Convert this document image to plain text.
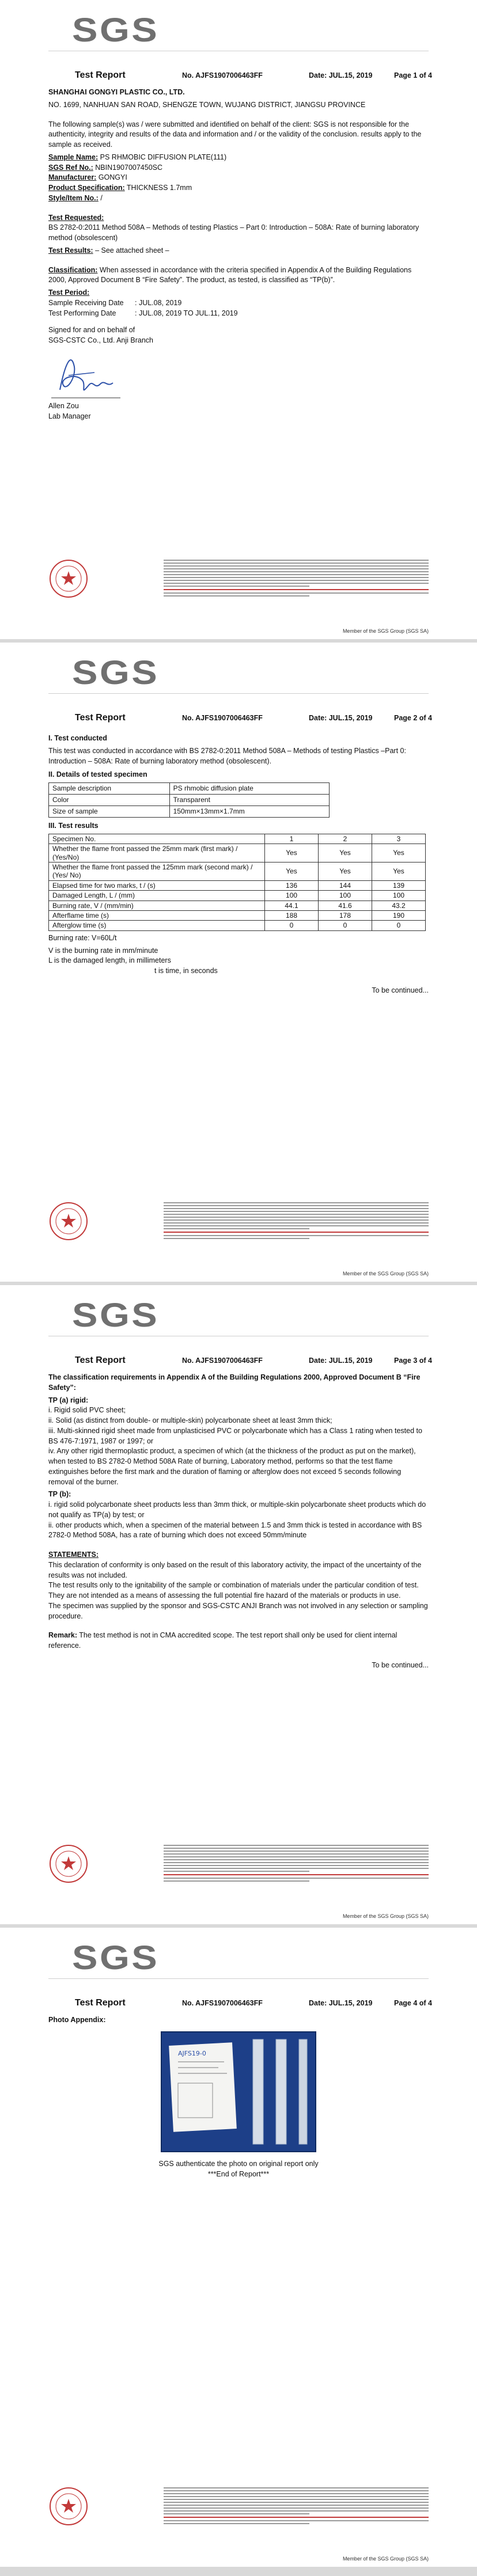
SGS
Test Report	No. AJFS1907006463FF	Date: JUL.15, 2019	Page 1 of 4

SHANGHAI GONGYI PLASTIC CO., LTD.

NO. 1699, NANHUAN SAN ROAD, SHENGZE TOWN, WUJANG DISTRICT, JIANGSU PROVINCE

The following sample(s) was / were submitted and identified on behalf of the client: SGS is not responsible for the authenticity, integrity and results of the data and information and / or the validity of the conclusion. results apply to the sample as received.

Sample Name: PS RHMOBIC DIFFUSION PLATE(111)

SGS Ref No.: NBIN1907007450SC

Manufacturer: GONGYI

Product Specification: THICKNESS 1.7mm

Style/Item No.: /

Test Requested:

BS 2782-0:2011 Method 508A – Methods of testing Plastics – Part 0: Introduction – 508A: Rate of burning laboratory method (obsolescent)

Test Results: – See attached sheet –

Classification: When assessed in accordance with the criteria specified in Appendix A of the Building Regulations 2000, Approved Document B “Fire Safety”. The product, as tested, is classified as “TP(b)”.

Test Period:

Sample Receiving Date	: JUL.08, 2019
Test Performing Date	: JUL.08, 2019 TO JUL.11, 2019

Signed for and on behalf of

SGS-CSTC Co., Ltd. Anji Branch

Allen Zou

Lab Manager

Member of the SGS Group (SGS SA)
SGS
Test Report	No. AJFS1907006463FF	Date: JUL.15, 2019	Page 2 of 4

I. Test conducted

This test was conducted in accordance with BS 2782-0:2011 Method 508A – Methods of testing Plastics –Part 0: Introduction – 508A: Rate of burning laboratory method (obsolescent).

II. Details of tested specimen

Sample description	PS rhmobic diffusion plate
Color	Transparent
Size of sample	150mm×13mm×1.7mm

III. Test results

Specimen No.	1	2	3
Whether the flame front passed the 25mm mark (first mark) / (Yes/No)	Yes	Yes	Yes
Whether the flame front passed the 125mm mark (second mark) / (Yes/ No)	Yes	Yes	Yes
Elapsed time for two marks, t / (s)	136	144	139
Damaged Length, L / (mm)	100	100	100
Burning rate, V / (mm/min)	44.1	41.6	43.2
Afterflame time (s)	188	178	190
Afterglow time (s)	0	0	0

Burning rate: V=60L/t

V is the burning rate in mm/minute

L is the damaged length, in millimeters

t is time, in seconds

To be continued...

Member of the SGS Group (SGS SA)
SGS
Test Report	No. AJFS1907006463FF	Date: JUL.15, 2019	Page 3 of 4

The classification requirements in Appendix A of the Building Regulations 2000, Approved Document B “Fire Safety”:

TP (a) rigid:

i. Rigid solid PVC sheet;

ii. Solid (as distinct from double- or multiple-skin) polycarbonate sheet at least 3mm thick;

iii. Multi-skinned rigid sheet made from unplasticised PVC or polycarbonate which has a Class 1 rating when tested to BS 476-7:1971, 1987 or 1997; or

iv. Any other rigid thermoplastic product, a specimen of which (at the thickness of the product as put on the market), when tested to BS 2782-0 Method 508A Rate of burning, Laboratory method, performs so that the test flame extinguishes before the first mark and the duration of flaming or afterglow does not exceed 5 seconds following removal of the burner.

TP (b):

i. rigid solid polycarbonate sheet products less than 3mm thick, or multiple-skin polycarbonate sheet products which do not qualify as TP(a) by test; or

ii. other products which, when a specimen of the material between 1.5 and 3mm thick is tested in accordance with BS 2782-0 Method 508A, has a rate of burning which does not exceed 50mm/minute

STATEMENTS:

This declaration of conformity is only based on the result of this laboratory activity, the impact of the uncertainty of the results was not included.

The test results only to the ignitability of the sample or combination of materials under the particular condition of test. They are not intended as a means of assessing the full potential fire hazard of the materials or products in use.

The specimen was supplied by the sponsor and SGS-CSTC ANJI Branch was not involved in any selection or sampling procedure.

Remark: The test method is not in CMA accredited scope. The test report shall only be used for client internal reference.

To be continued...

Member of the SGS Group (SGS SA)
SGS
Test Report	No. AJFS1907006463FF	Date: JUL.15, 2019	Page 4 of 4

Photo Appendix:

AJFS19-0

SGS authenticate the photo on original report only

***End of Report***

Member of the SGS Group (SGS SA)
